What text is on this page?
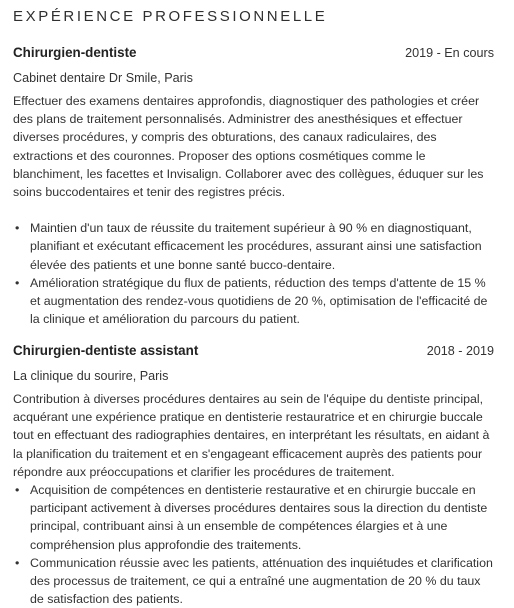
EXPÉRIENCE PROFESSIONNELLE
Chirurgien-dentiste	2019 - En cours
Cabinet dentaire Dr Smile, Paris
Effectuer des examens dentaires approfondis, diagnostiquer des pathologies et créer des plans de traitement personnalisés. Administrer des anesthésiques et effectuer diverses procédures, y compris des obturations, des canaux radiculaires, des extractions et des couronnes. Proposer des options cosmétiques comme le blanchiment, les facettes et Invisalign. Collaborer avec des collègues, éduquer sur les soins buccodentaires et tenir des registres précis.
• Maintien d'un taux de réussite du traitement supérieur à 90 % en diagnostiquant, planifiant et exécutant efficacement les procédures, assurant ainsi une satisfaction élevée des patients et une bonne santé bucco-dentaire.
• Amélioration stratégique du flux de patients, réduction des temps d'attente de 15 % et augmentation des rendez-vous quotidiens de 20 %, optimisation de l'efficacité de la clinique et amélioration du parcours du patient.
Chirurgien-dentiste assistant	2018 - 2019
La clinique du sourire, Paris
Contribution à diverses procédures dentaires au sein de l'équipe du dentiste principal, acquérant une expérience pratique en dentisterie restauratrice et en chirurgie buccale tout en effectuant des radiographies dentaires, en interprétant les résultats, en aidant à la planification du traitement et en s'engageant efficacement auprès des patients pour répondre aux préoccupations et clarifier les procédures de traitement.
• Acquisition de compétences en dentisterie restaurative et en chirurgie buccale en participant activement à diverses procédures dentaires sous la direction du dentiste principal, contribuant ainsi à un ensemble de compétences élargies et à une compréhension plus approfondie des traitements.
• Communication réussie avec les patients, atténuation des inquiétudes et clarification des processus de traitement, ce qui a entraîné une augmentation de 20 % du taux de satisfaction des patients.
